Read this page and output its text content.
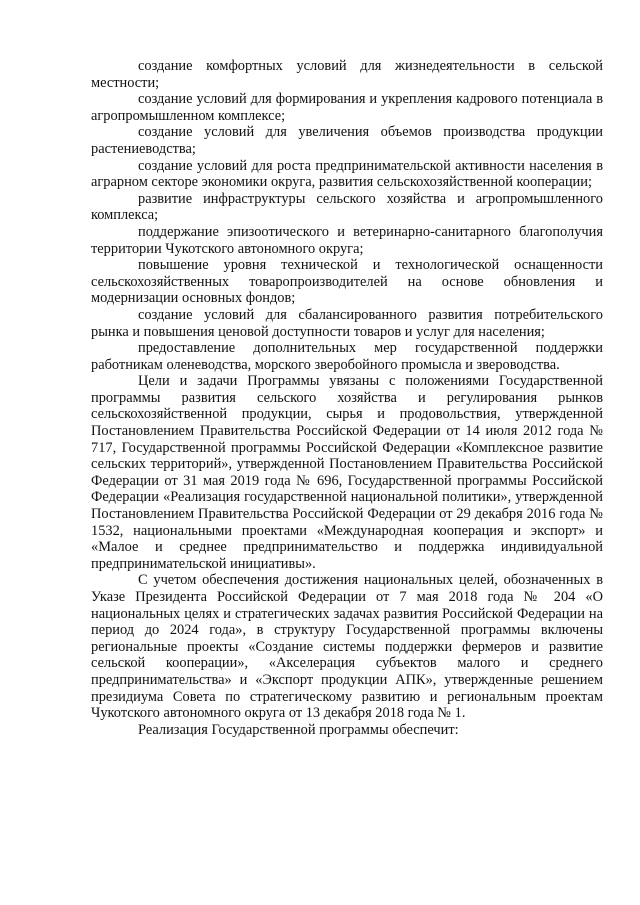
создание комфортных условий для жизнедеятельности в сельской местности;

создание условий для формирования и укрепления кадрового потенциала в агропромышленном комплексе;

создание условий для увеличения объемов производства продукции растениеводства;

создание условий для роста предпринимательской активности населения в аграрном секторе экономики округа, развития сельскохозяйственной кооперации;

развитие инфраструктуры сельского хозяйства и агропромышленного комплекса;

поддержание эпизоотического и ветеринарно-санитарного благополучия территории Чукотского автономного округа;

повышение уровня технической и технологической оснащенности сельскохозяйственных товаропроизводителей на основе обновления и модернизации основных фондов;

создание условий для сбалансированного развития потребительского рынка и повышения ценовой доступности товаров и услуг для населения;

предоставление дополнительных мер государственной поддержки работникам оленеводства, морского зверобойного промысла и звероводства.

Цели и задачи Программы увязаны с положениями Государственной программы развития сельского хозяйства и регулирования рынков сельскохозяйственной продукции, сырья и продовольствия, утвержденной Постановлением Правительства Российской Федерации от 14 июля 2012 года № 717, Государственной программы Российской Федерации «Комплексное развитие сельских территорий», утвержденной Постановлением Правительства Российской Федерации от 31 мая 2019 года № 696, Государственной программы Российской Федерации «Реализация государственной национальной политики», утвержденной Постановлением Правительства Российской Федерации от 29 декабря 2016 года № 1532, национальными проектами «Международная кооперация и экспорт» и «Малое и среднее предпринимательство и поддержка индивидуальной предпринимательской инициативы».

С учетом обеспечения достижения национальных целей, обозначенных в Указе Президента Российской Федерации от 7 мая 2018 года № 204 «О национальных целях и стратегических задачах развития Российской Федерации на период до 2024 года», в структуру Государственной программы включены региональные проекты «Создание системы поддержки фермеров и развитие сельской кооперации», «Акселерация субъектов малого и среднего предпринимательства» и «Экспорт продукции АПК», утвержденные решением президиума Совета по стратегическому развитию и региональным проектам Чукотского автономного округа от 13 декабря 2018 года № 1.

Реализация Государственной программы обеспечит:
